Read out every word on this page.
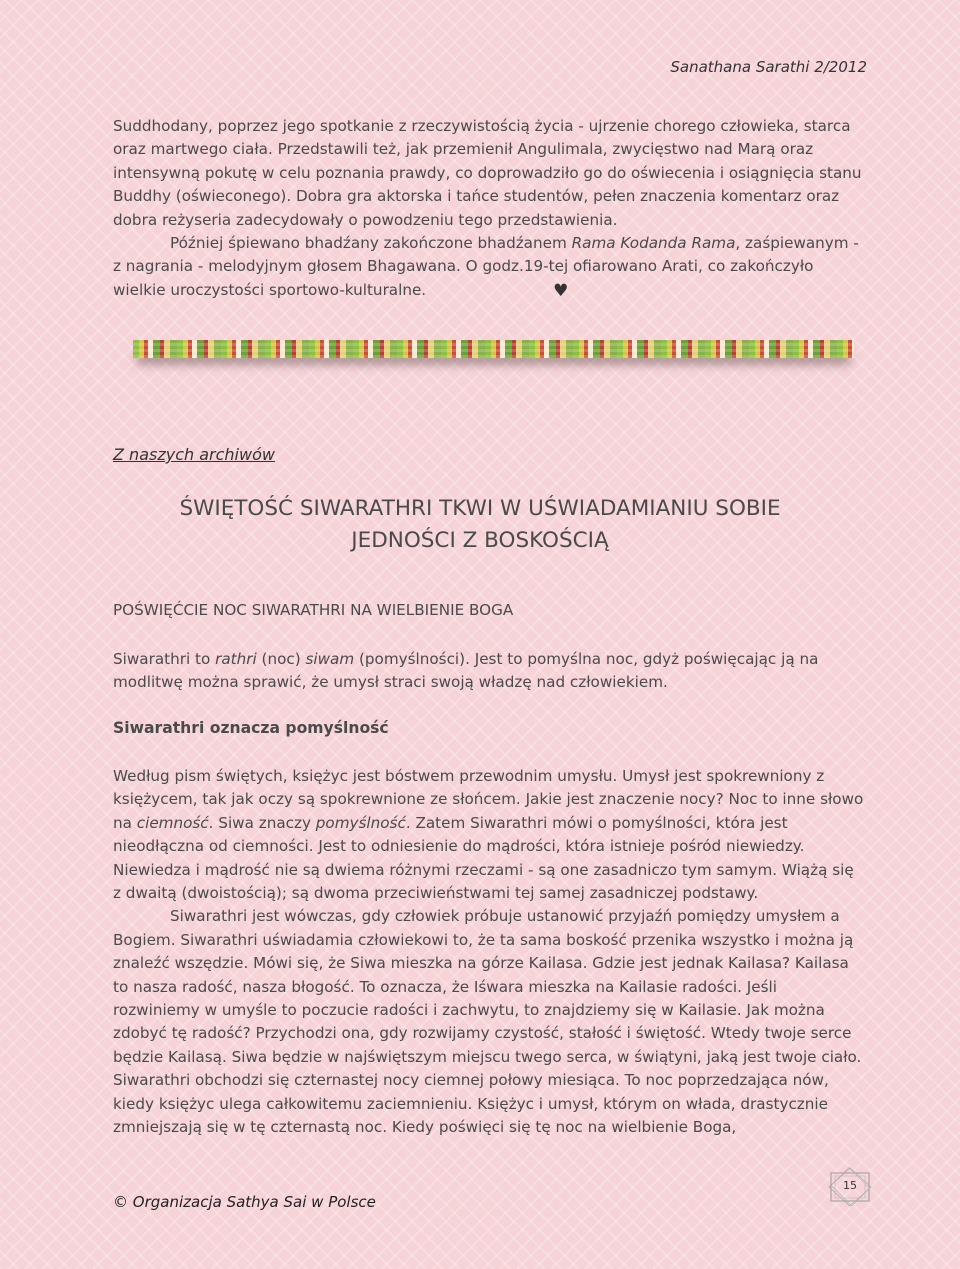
Sanathana Sarathi 2/2012

Suddhodany, poprzez jego spotkanie z rzeczywistością życia - ujrzenie chorego człowieka, starca oraz martwego ciała. Przedstawili też, jak przemienił Angulimala, zwycięstwo nad Marą oraz intensywną pokutę w celu poznania prawdy, co doprowadziło go do oświecenia i osiągnięcia stanu Buddhy (oświeconego). Dobra gra aktorska i tańce studentów, pełen znaczenia komentarz oraz dobra reżyseria zadecydowały o powodzeniu tego przedstawienia.

Później śpiewano bhadźany zakończone bhadźanem Rama Kodanda Rama, zaśpiewanym - z nagrania - melodyjnym głosem Bhagawana. O godz.19-tej ofiarowano Arati, co zakończyło wielkie uroczystości sportowo-kulturalne.	♥

Z naszych archiwów
ŚWIĘTOŚĆ SIWARATHRI TKWI W UŚWIADAMIANIU SOBIE
JEDNOŚCI Z BOSKOŚCIĄ
POŚWIĘĆCIE NOC SIWARATHRI NA WIELBIENIE BOGA

Siwarathri to rathri (noc) siwam (pomyślności). Jest to pomyślna noc, gdyż poświęcając ją na modlitwę można sprawić, że umysł straci swoją władzę nad człowiekiem.

Siwarathri oznacza pomyślność

Według pism świętych, księżyc jest bóstwem przewodnim umysłu. Umysł jest spokrewniony z księżycem, tak jak oczy są spokrewnione ze słońcem. Jakie jest znaczenie nocy? Noc to inne słowo na ciemność. Siwa znaczy pomyślność. Zatem Siwarathri mówi o pomyślności, która jest nieodłączna od ciemności. Jest to odniesienie do mądrości, która istnieje pośród niewiedzy. Niewiedza i mądrość nie są dwiema różnymi rzeczami - są one zasadniczo tym samym. Wiążą się z dwaitą (dwoistością); są dwoma przeciwieństwami tej samej zasadniczej podstawy.

Siwarathri jest wówczas, gdy człowiek próbuje ustanowić przyjaźń pomiędzy umysłem a Bogiem. Siwarathri uświadamia człowiekowi to, że ta sama boskość przenika wszystko i można ją znaleźć wszędzie. Mówi się, że Siwa mieszka na górze Kailasa. Gdzie jest jednak Kailasa? Kailasa to nasza radość, nasza błogość. To oznacza, że Iśwara mieszka na Kailasie radości. Jeśli rozwiniemy w umyśle to poczucie radości i zachwytu, to znajdziemy się w Kailasie. Jak można zdobyć tę radość? Przychodzi ona, gdy rozwijamy czystość, stałość i świętość. Wtedy twoje serce będzie Kailasą. Siwa będzie w najświętszym miejscu twego serca, w świątyni, jaką jest twoje ciało. Siwarathri obchodzi się czternastej nocy ciemnej połowy miesiąca. To noc poprzedzająca nów, kiedy księżyc ulega całkowitemu zaciemnieniu. Księżyc i umysł, którym on włada, drastycznie zmniejszają się w tę czternastą noc. Kiedy poświęci się tę noc na wielbienie Boga,

© Organizacja Sathya Sai w Polsce
15
